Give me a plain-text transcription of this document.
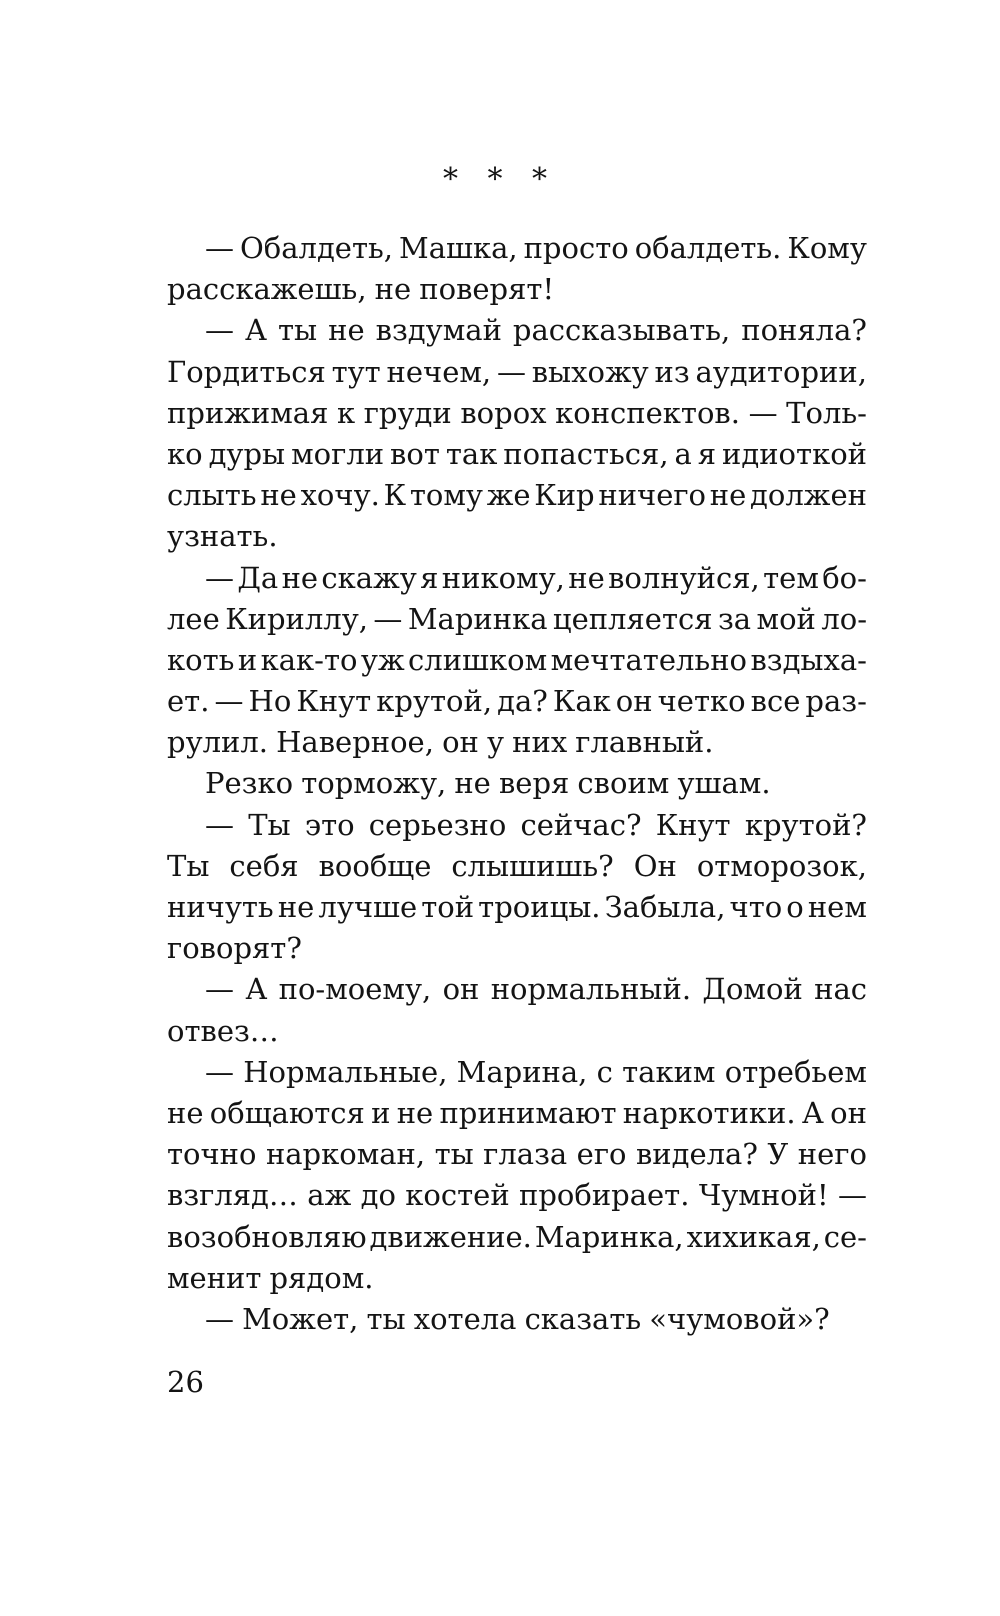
* * *
— Обалдеть, Машка, просто обалдеть. Кому
расскажешь, не поверят!
— А ты не вздумай рассказывать, поняла?
Гордиться тут нечем, — выхожу из аудитории,
прижимая к груди ворох конспектов. — Толь-
ко дуры могли вот так попасться, а я идиоткой
слыть не хочу. К тому же Кир ничего не должен
узнать.
— Да не скажу я никому, не волнуйся, тем бо-
лее Кириллу, — Маринка цепляется за мой ло-
коть и как-то уж слишком мечтательно вздыха-
ет. — Но Кнут крутой, да? Как он четко все раз-
рулил. Наверное, он у них главный.
Резко торможу, не веря своим ушам.
— Ты это серьезно сейчас? Кнут крутой?
Ты себя вообще слышишь? Он отморозок,
ничуть не лучше той троицы. Забыла, что о нем
говорят?
— А по-моему, он нормальный. Домой нас
отвез…
— Нормальные, Марина, с таким отребьем
не общаются и не принимают наркотики. А он
точно наркоман, ты глаза его видела? У него
взгляд… аж до костей пробирает. Чумной! —
возобновляю движение. Маринка, хихикая, се-
менит рядом.
— Может, ты хотела сказать «чумовой»?
26
